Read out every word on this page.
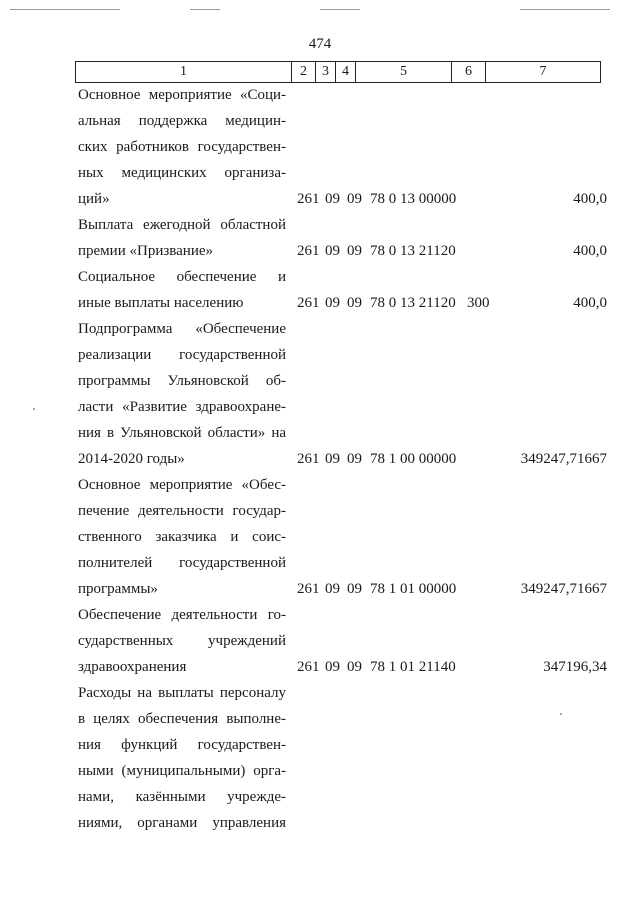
474
1	2	3	4	5	6	7
Основное мероприятие «Соци-
альная поддержка медицин-
ских работников государствен-
ных медицинских организа-
ций»	261 09 09 78 0 13 00000	400,0
Выплата ежегодной областной
премии «Призвание»	261 09 09 78 0 13 21120	400,0
Социальное обеспечение и
иные выплаты населению	261 09 09 78 0 13 21120 300	400,0
Подпрограмма «Обеспечение
реализации государственной
программы Ульяновской об-
ласти «Развитие здравоохране-
ния в Ульяновской области» на
2014-2020 годы»	261 09 09 78 1 00 00000	349247,71667
Основное мероприятие «Обес-
печение деятельности государ-
ственного заказчика и соис-
полнителей государственной
программы»	261 09 09 78 1 01 00000	349247,71667
Обеспечение деятельности го-
сударственных учреждений
здравоохранения	261 09 09 78 1 01 21140	347196,34
Расходы на выплаты персоналу
в целях обеспечения выполне-
ния функций государствен-
ными (муниципальными) орга-
нами, казёнными учрежде-
ниями, органами управления
